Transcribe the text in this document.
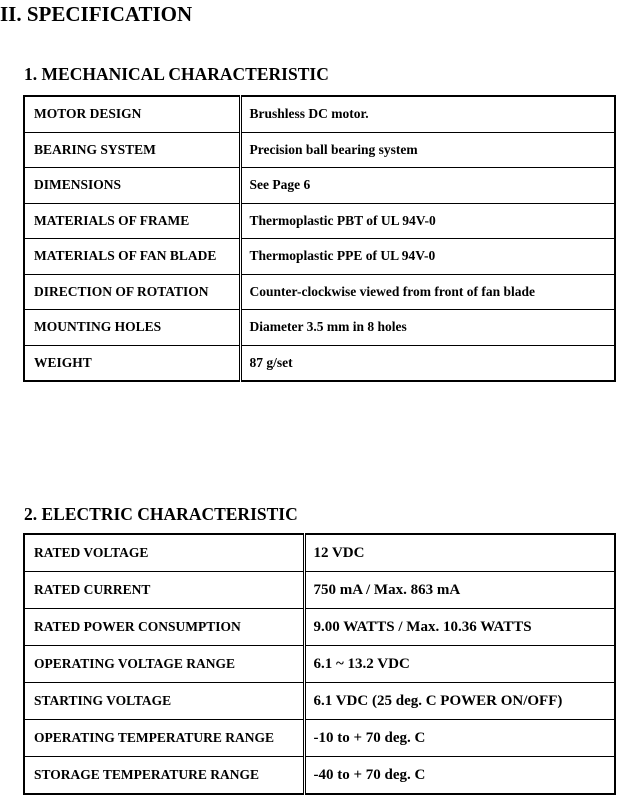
II. SPECIFICATION
1. MECHANICAL CHARACTERISTIC
MOTOR DESIGN	Brushless DC motor.
BEARING SYSTEM	Precision ball bearing system
DIMENSIONS	See Page 6
MATERIALS OF FRAME	Thermoplastic PBT of UL 94V-0
MATERIALS OF FAN BLADE	Thermoplastic PPE of UL 94V-0
DIRECTION OF ROTATION	Counter-clockwise viewed from front of fan blade
MOUNTING HOLES	Diameter 3.5 mm in 8 holes
WEIGHT	87 g/set
2. ELECTRIC CHARACTERISTIC
RATED VOLTAGE	12 VDC
RATED CURRENT	750 mA / Max. 863 mA
RATED POWER CONSUMPTION	9.00 WATTS / Max. 10.36 WATTS
OPERATING VOLTAGE RANGE	6.1 ~ 13.2 VDC
STARTING VOLTAGE	6.1 VDC (25 deg. C POWER ON/OFF)
OPERATING TEMPERATURE RANGE	-10 to + 70 deg. C
STORAGE TEMPERATURE RANGE	-40 to + 70 deg. C
